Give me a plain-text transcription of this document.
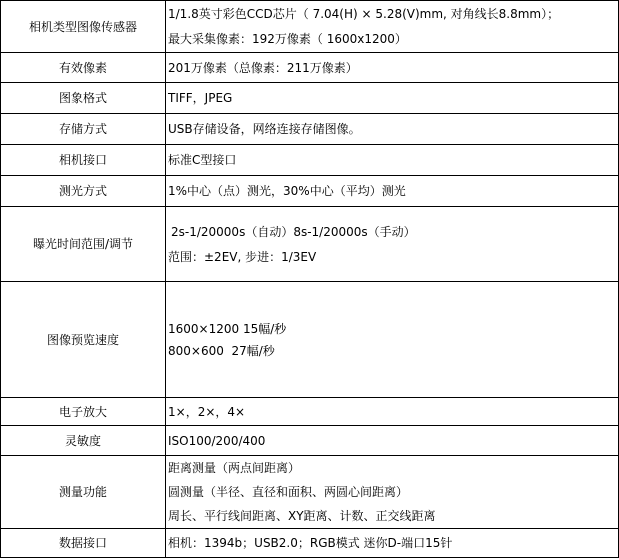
相机类型图像传感器	1/1.8英寸彩色CCD芯片（ 7.04(H) × 5.28(V)mm, 对角线长8.8mm）；
最大采集像素：192万像素（ 1600x1200）

有效像素	201万像素（总像素：211万像素）

图象格式	TIFF，JPEG

存储方式	USB存储设备，网络连接存储图像。

相机接口	标准C型接口

测光方式	1%中心（点）测光，30%中心（平均）测光

曝光时间范围/调节	2s-1/20000s（自动）8s-1/20000s（手动）
范围：±2EV, 步进：1/3EV

图像预览速度	1600×1200 15幅/秒
800×600  27幅/秒

电子放大	1×，2×，4×

灵敏度	ISO100/200/400

测量功能	距离测量（两点间距离）
圆测量（半径、直径和面积、两圆心间距离）
周长、平行线间距离、XY距离、计数、正交线距离

数据接口	相机：1394b；USB2.0；RGB模式 迷你D-端口15针
